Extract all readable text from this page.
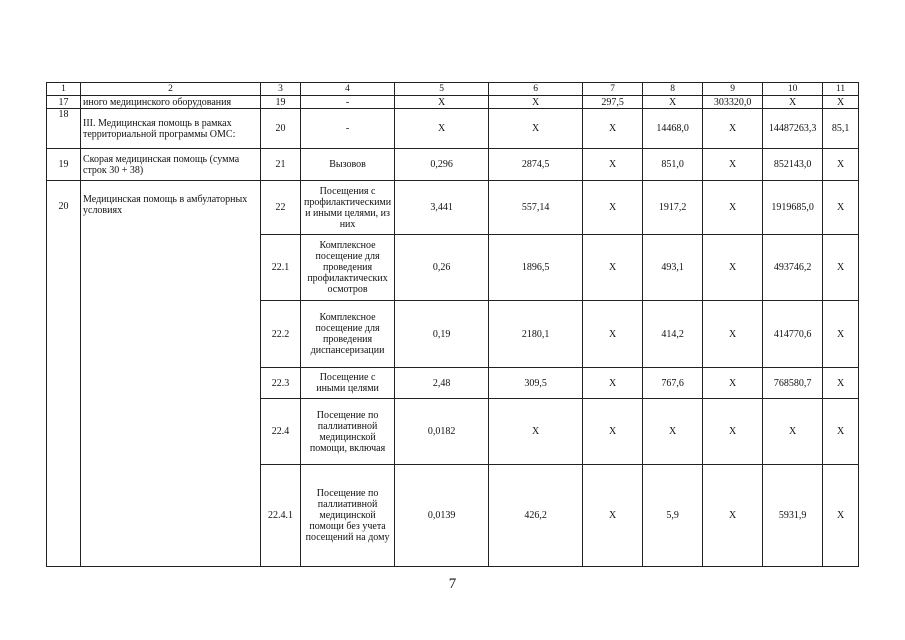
1	2	3	4	5	6	7	8	9	10	11
17	иного медицинского оборудования	19	-	X	X	297,5	X	303320,0	X	X
18	III. Медицинская помощь в рамках территориальной программы ОМС:	20	-	X	X	X	14468,0	X	14487263,3	85,1
19	Скорая медицинская помощь (сумма строк 30 + 38)	21	Вызовов	0,296	2874,5	X	851,0	X	852143,0	X
20	Медицинская помощь в амбулаторных условиях	22	Посещения с профилактическими и иными целями, из них	3,441	557,14	X	1917,2	X	1919685,0	X
		22.1	Комплексное посещение для проведения профилактических осмотров	0,26	1896,5	X	493,1	X	493746,2	X
		22.2	Комплексное посещение для проведения диспансеризации	0,19	2180,1	X	414,2	X	414770,6	X
		22.3	Посещение с иными целями	2,48	309,5	X	767,6	X	768580,7	X
		22.4	Посещение по паллиативной медицинской помощи, включая	0,0182	X	X	X	X	X	X
		22.4.1	Посещение по паллиативной медицинской помощи без учета посещений на дому	0,0139	426,2	X	5,9	X	5931,9	X
7
